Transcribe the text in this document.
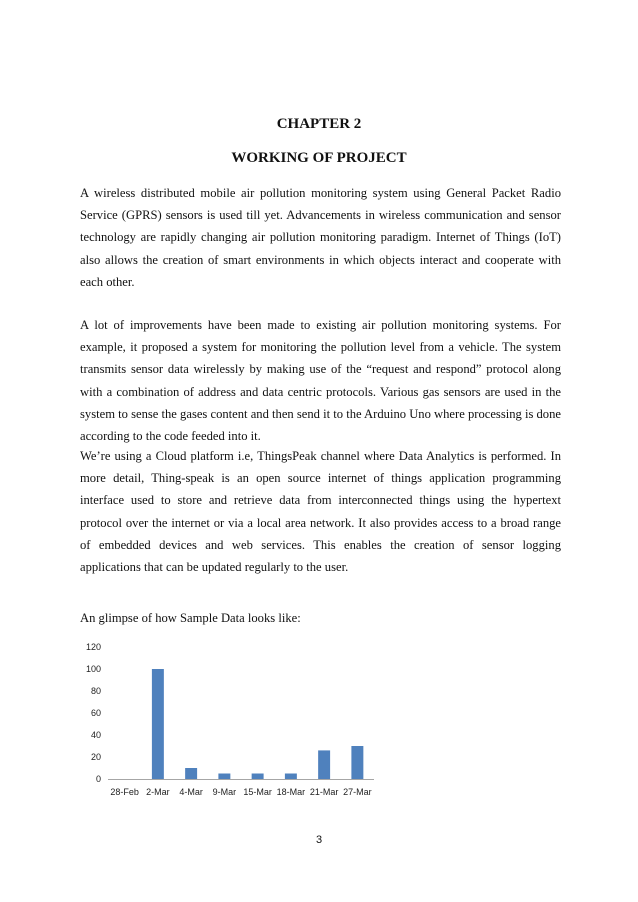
CHAPTER 2
WORKING OF PROJECT

A wireless distributed mobile air pollution monitoring system using General Packet Radio Service (GPRS) sensors is used till yet. Advancements in wireless communication and sensor technology are rapidly changing air pollution monitoring paradigm. Internet of Things (IoT) also allows the creation of smart environments in which objects interact and cooperate with each other.

A lot of improvements have been made to existing air pollution monitoring systems. For example, it proposed a system for monitoring the pollution level from a vehicle. The system transmits sensor data wirelessly by making use of the “request and respond” protocol along with a combination of address and data centric protocols. Various gas sensors are used in the system to sense the gases content and then send it to the Arduino Uno where processing is done according to the code feeded into it.

We’re using a Cloud platform i.e, ThingsPeak channel where Data Analytics is performed. In more detail, Thing-speak is an open source internet of things application programming interface used to store and retrieve data from interconnected things using the hypertext protocol over the internet or via a local area network. It also provides access to a broad range of embedded devices and web services. This enables the creation of sensor logging applications that can be updated regularly to the user.

An glimpse of how Sample Data looks like:
0
20
40
60
80
100
120
28-Feb 2-Mar 4-Mar 9-Mar 15-Mar 18-Mar 21-Mar 27-Mar
3
